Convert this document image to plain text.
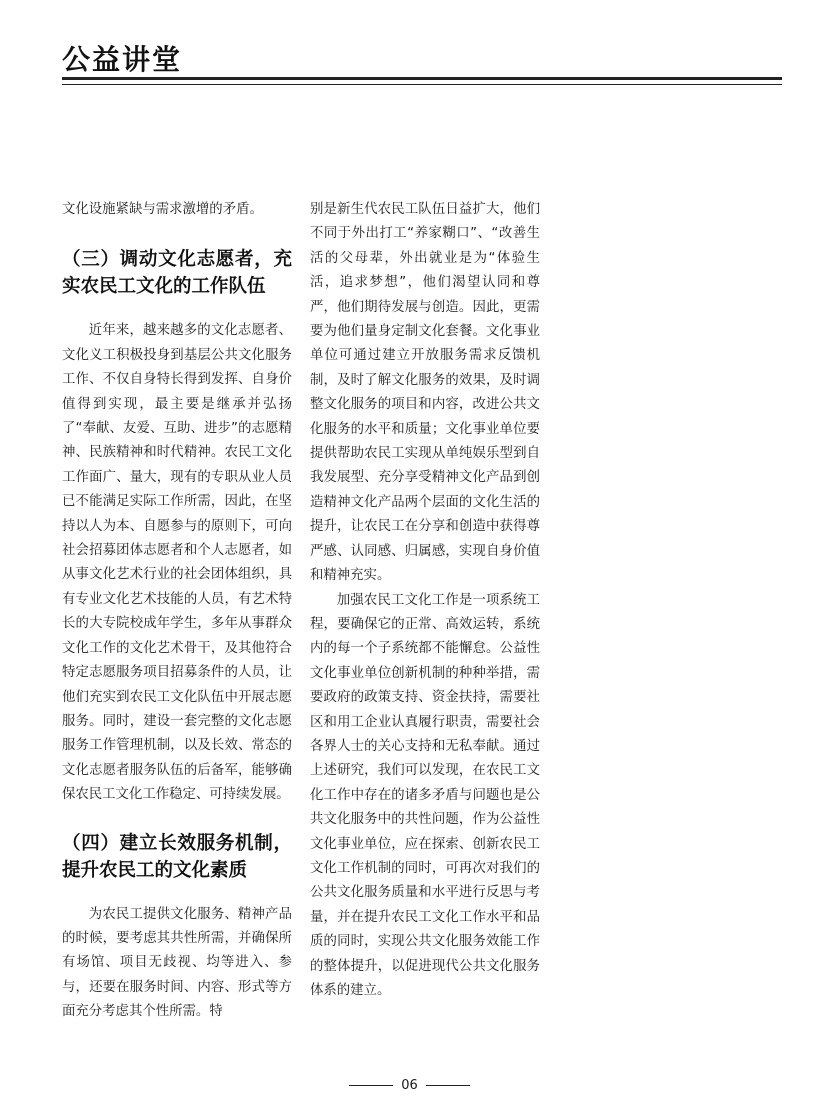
公益讲堂

文化设施紧缺与需求激增的矛盾。

（三）调动文化志愿者，充实农民工文化的工作队伍

近年来，越来越多的文化志愿者、文化义工积极投身到基层公共文化服务工作、不仅自身特长得到发挥、自身价值得到实现，最主要是继承并弘扬了“奉献、友爱、互助、进步”的志愿精神、民族精神和时代精神。农民工文化工作面广、量大，现有的专职从业人员已不能满足实际工作所需，因此，在坚持以人为本、自愿参与的原则下，可向社会招募团体志愿者和个人志愿者，如从事文化艺术行业的社会团体组织，具有专业文化艺术技能的人员，有艺术特长的大专院校成年学生，多年从事群众文化工作的文化艺术骨干，及其他符合特定志愿服务项目招募条件的人员，让他们充实到农民工文化队伍中开展志愿服务。同时，建设一套完整的文化志愿服务工作管理机制，以及长效、常态的文化志愿者服务队伍的后备军，能够确保农民工文化工作稳定、可持续发展。

（四）建立长效服务机制，提升农民工的文化素质

为农民工提供文化服务、精神产品的时候，要考虑其共性所需，并确保所有场馆、项目无歧视、均等进入、参与，还要在服务时间、内容、形式等方面充分考虑其个性所需。特

别是新生代农民工队伍日益扩大，他们不同于外出打工“养家糊口”、“改善生活的父母辈，外出就业是为“体验生活，追求梦想”，他们渴望认同和尊严，他们期待发展与创造。因此，更需要为他们量身定制文化套餐。文化事业单位可通过建立开放服务需求反馈机制，及时了解文化服务的效果，及时调整文化服务的项目和内容，改进公共文化服务的水平和质量；文化事业单位要提供帮助农民工实现从单纯娱乐型到自我发展型、充分享受精神文化产品到创造精神文化产品两个层面的文化生活的提升，让农民工在分享和创造中获得尊严感、认同感、归属感，实现自身价值和精神充实。

加强农民工文化工作是一项系统工程，要确保它的正常、高效运转，系统内的每一个子系统都不能懈怠。公益性文化事业单位创新机制的种种举措，需要政府的政策支持、资金扶持，需要社区和用工企业认真履行职责，需要社会各界人士的关心支持和无私奉献。通过上述研究，我们可以发现，在农民工文化工作中存在的诸多矛盾与问题也是公共文化服务中的共性问题，作为公益性文化事业单位，应在探索、创新农民工文化工作机制的同时，可再次对我们的公共文化服务质量和水平进行反思与考量，并在提升农民工文化工作水平和品质的同时，实现公共文化服务效能工作的整体提升，以促进现代公共文化服务体系的建立。

06
